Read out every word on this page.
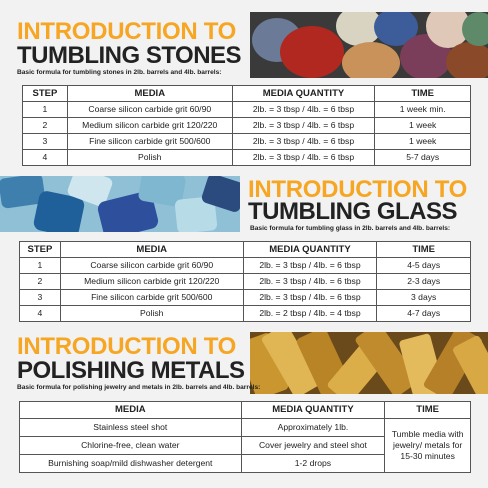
INTRODUCTION TO
TUMBLING STONES
Basic formula for tumbling stones in 2lb. barrels and 4lb. barrels:
STEP	MEDIA	MEDIA QUANTITY	TIME
1	Coarse silicon carbide grit 60/90	2lb. = 3 tbsp / 4lb. = 6 tbsp	1 week min.
2	Medium silicon carbide grit 120/220	2lb. = 3 tbsp / 4lb. = 6 tbsp	1 week
3	Fine silicon carbide grit 500/600	2lb. = 3 tbsp / 4lb. = 6 tbsp	1 week
4	Polish	2lb. = 3 tbsp / 4lb. = 6 tbsp	5-7 days
INTRODUCTION TO
TUMBLING GLASS
Basic formula for tumbling glass in 2lb. barrels and 4lb. barrels:
STEP	MEDIA	MEDIA QUANTITY	TIME
1	Coarse silicon carbide grit 60/90	2lb. = 3 tbsp / 4lb. = 6 tbsp	4-5 days
2	Medium silicon carbide grit 120/220	2lb. = 3 tbsp / 4lb. = 6 tbsp	2-3 days
3	Fine silicon carbide grit 500/600	2lb. = 3 tbsp / 4lb. = 6 tbsp	3 days
4	Polish	2lb. = 2 tbsp / 4lb. = 4 tbsp	4-7 days
INTRODUCTION TO
POLISHING METALS
Basic formula for polishing jewelry and metals in 2lb. barrels and 4lb. barrels:
MEDIA	MEDIA QUANTITY	TIME
Stainless steel shot	Approximately 1lb.	Tumble media with jewelry/ metals for 15-30 minutes
Chlorine-free, clean water	Cover jewelry and steel shot	
Burnishing soap/mild dishwasher detergent	1-2 drops	
